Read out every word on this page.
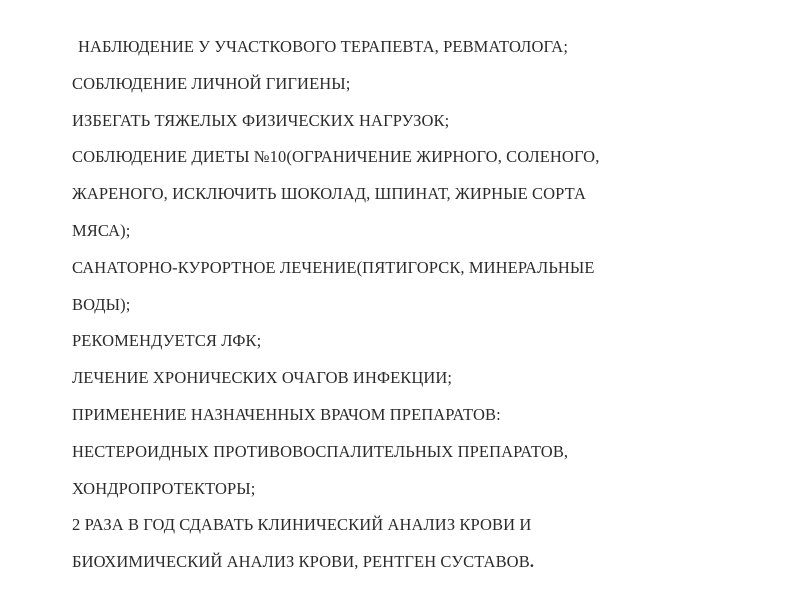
НАБЛЮДЕНИЕ У УЧАСТКОВОГО ТЕРАПЕВТА, РЕВМАТОЛОГА;
СОБЛЮДЕНИЕ ЛИЧНОЙ ГИГИЕНЫ;
ИЗБЕГАТЬ ТЯЖЕЛЫХ ФИЗИЧЕСКИХ НАГРУЗОК;
СОБЛЮДЕНИЕ ДИЕТЫ №10(ОГРАНИЧЕНИЕ ЖИРНОГО, СОЛЕНОГО,
ЖАРЕНОГО, ИСКЛЮЧИТЬ ШОКОЛАД, ШПИНАТ, ЖИРНЫЕ СОРТА
МЯСА);
САНАТОРНО-КУРОРТНОЕ ЛЕЧЕНИЕ(ПЯТИГОРСК, МИНЕРАЛЬНЫЕ
ВОДЫ);
РЕКОМЕНДУЕТСЯ ЛФК;
ЛЕЧЕНИЕ ХРОНИЧЕСКИХ ОЧАГОВ ИНФЕКЦИИ;
ПРИМЕНЕНИЕ НАЗНАЧЕННЫХ ВРАЧОМ ПРЕПАРАТОВ:
НЕСТЕРОИДНЫХ ПРОТИВОВОСПАЛИТЕЛЬНЫХ ПРЕПАРАТОВ,
ХОНДРОПРОТЕКТОРЫ;
2 РАЗА В ГОД СДАВАТЬ КЛИНИЧЕСКИЙ АНАЛИЗ КРОВИ И
БИОХИМИЧЕСКИЙ АНАЛИЗ КРОВИ, РЕНТГЕН СУСТАВОВ.
